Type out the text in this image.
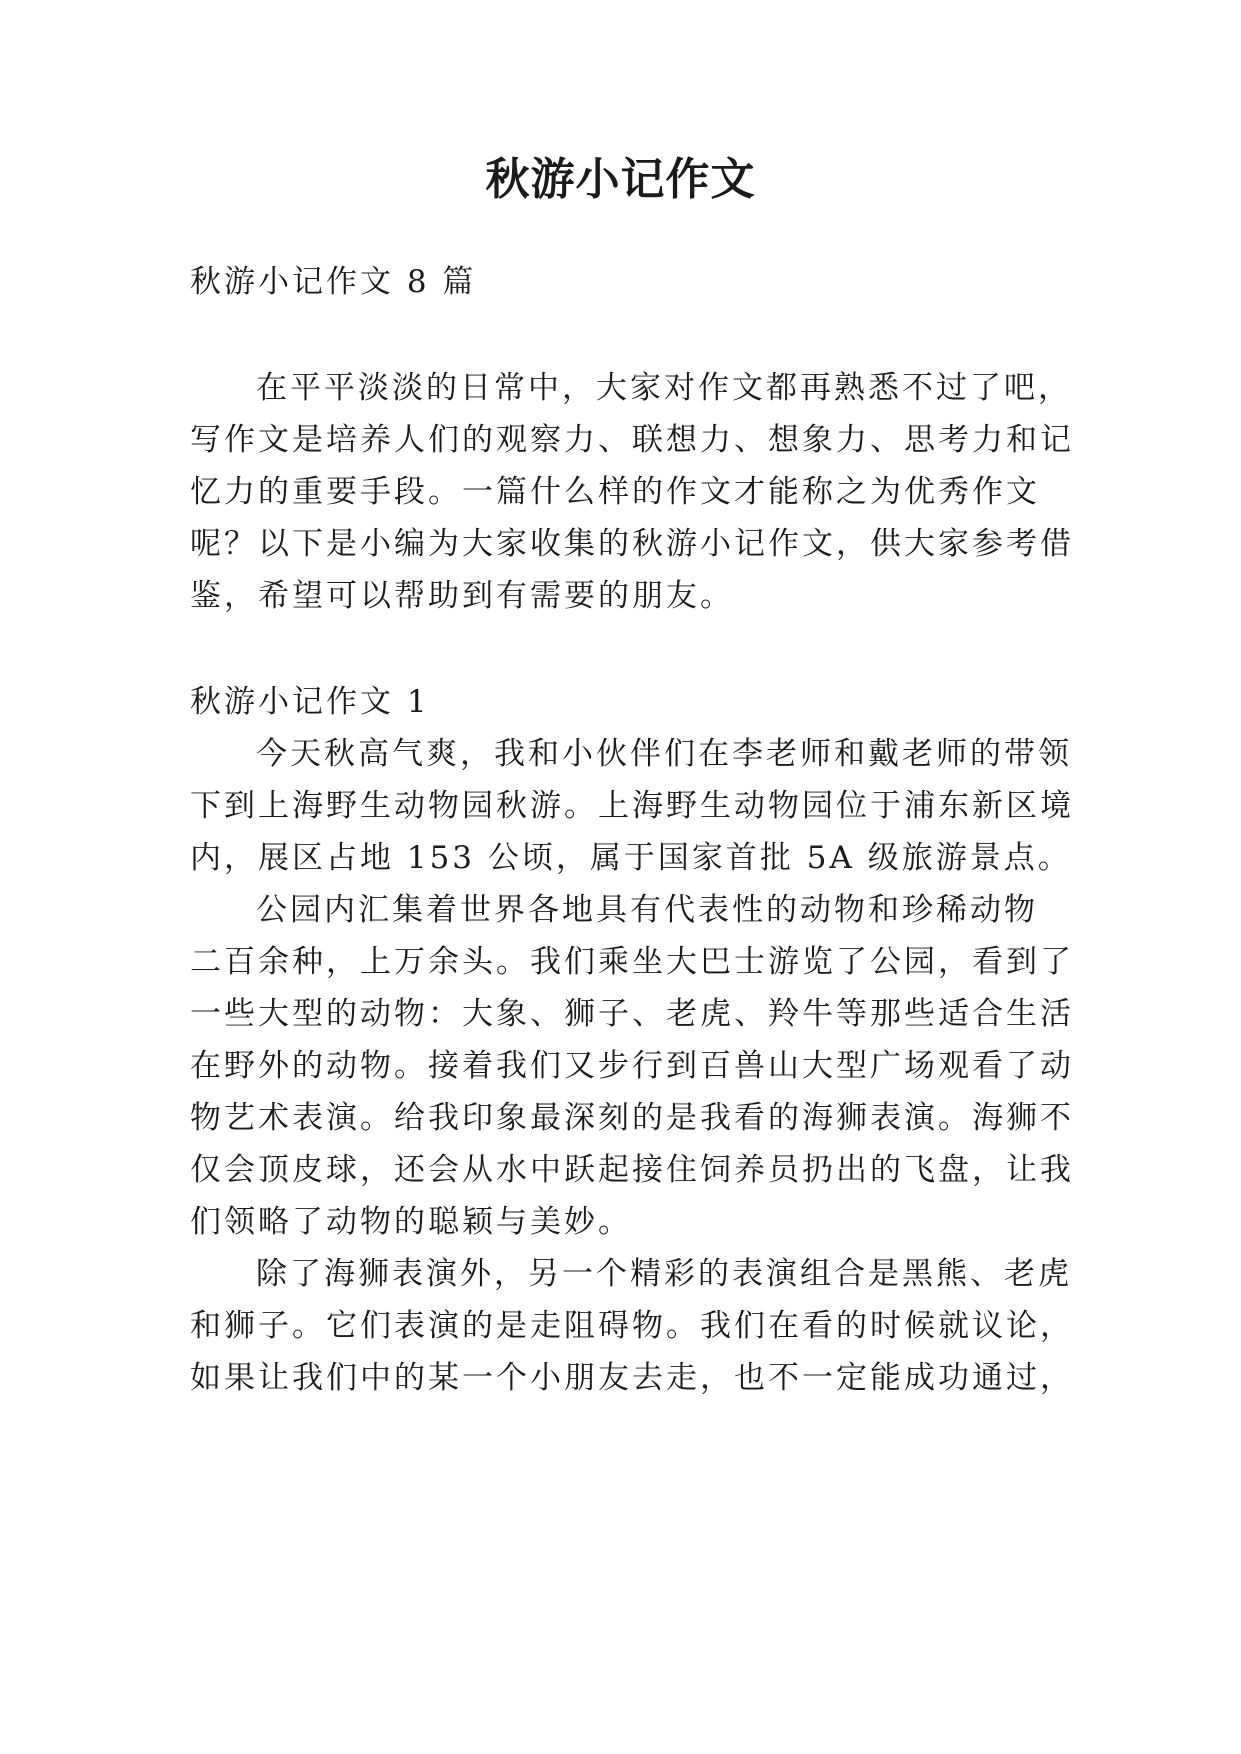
秋游小记作文
秋游小记作文 8 篇
在平平淡淡的日常中，大家对作文都再熟悉不过了吧，
写作文是培养人们的观察力、联想力、想象力、思考力和记
忆力的重要手段。一篇什么样的作文才能称之为优秀作文
呢？以下是小编为大家收集的秋游小记作文，供大家参考借
鉴，希望可以帮助到有需要的朋友。
秋游小记作文 1
今天秋高气爽，我和小伙伴们在李老师和戴老师的带领
下到上海野生动物园秋游。上海野生动物园位于浦东新区境
内，展区占地 153 公顷，属于国家首批 5A 级旅游景点。
公园内汇集着世界各地具有代表性的动物和珍稀动物
二百余种，上万余头。我们乘坐大巴士游览了公园，看到了
一些大型的动物：大象、狮子、老虎、羚牛等那些适合生活
在野外的动物。接着我们又步行到百兽山大型广场观看了动
物艺术表演。给我印象最深刻的是我看的海狮表演。海狮不
仅会顶皮球，还会从水中跃起接住饲养员扔出的飞盘，让我
们领略了动物的聪颖与美妙。
除了海狮表演外，另一个精彩的表演组合是黑熊、老虎
和狮子。它们表演的是走阻碍物。我们在看的时候就议论，
如果让我们中的某一个小朋友去走，也不一定能成功通过，
